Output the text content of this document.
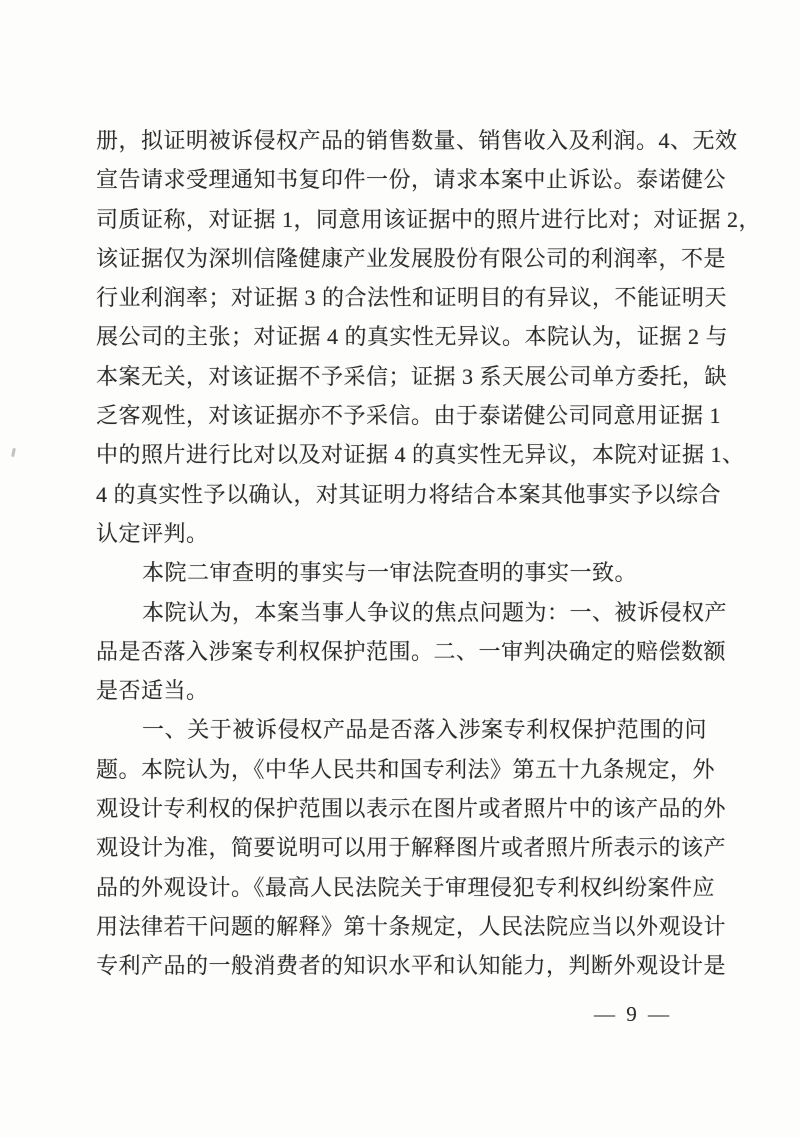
册，拟证明被诉侵权产品的销售数量、销售收入及利润。4、无效
宣告请求受理通知书复印件一份，请求本案中止诉讼。泰诺健公
司质证称，对证据 1，同意用该证据中的照片进行比对；对证据 2，
该证据仅为深圳信隆健康产业发展股份有限公司的利润率，不是
行业利润率；对证据 3 的合法性和证明目的有异议，不能证明天
展公司的主张；对证据 4 的真实性无异议。本院认为，证据 2 与
本案无关，对该证据不予采信；证据 3 系天展公司单方委托，缺
乏客观性，对该证据亦不予采信。由于泰诺健公司同意用证据 1
中的照片进行比对以及对证据 4 的真实性无异议，本院对证据 1、
4 的真实性予以确认，对其证明力将结合本案其他事实予以综合
认定评判。
本院二审查明的事实与一审法院查明的事实一致。
本院认为，本案当事人争议的焦点问题为：一、被诉侵权产
品是否落入涉案专利权保护范围。二、一审判决确定的赔偿数额
是否适当。
一、关于被诉侵权产品是否落入涉案专利权保护范围的问
题。本院认为，《中华人民共和国专利法》第五十九条规定，外
观设计专利权的保护范围以表示在图片或者照片中的该产品的外
观设计为准，简要说明可以用于解释图片或者照片所表示的该产
品的外观设计。《最高人民法院关于审理侵犯专利权纠纷案件应
用法律若干问题的解释》第十条规定，人民法院应当以外观设计
专利产品的一般消费者的知识水平和认知能力，判断外观设计是
— 9 —
